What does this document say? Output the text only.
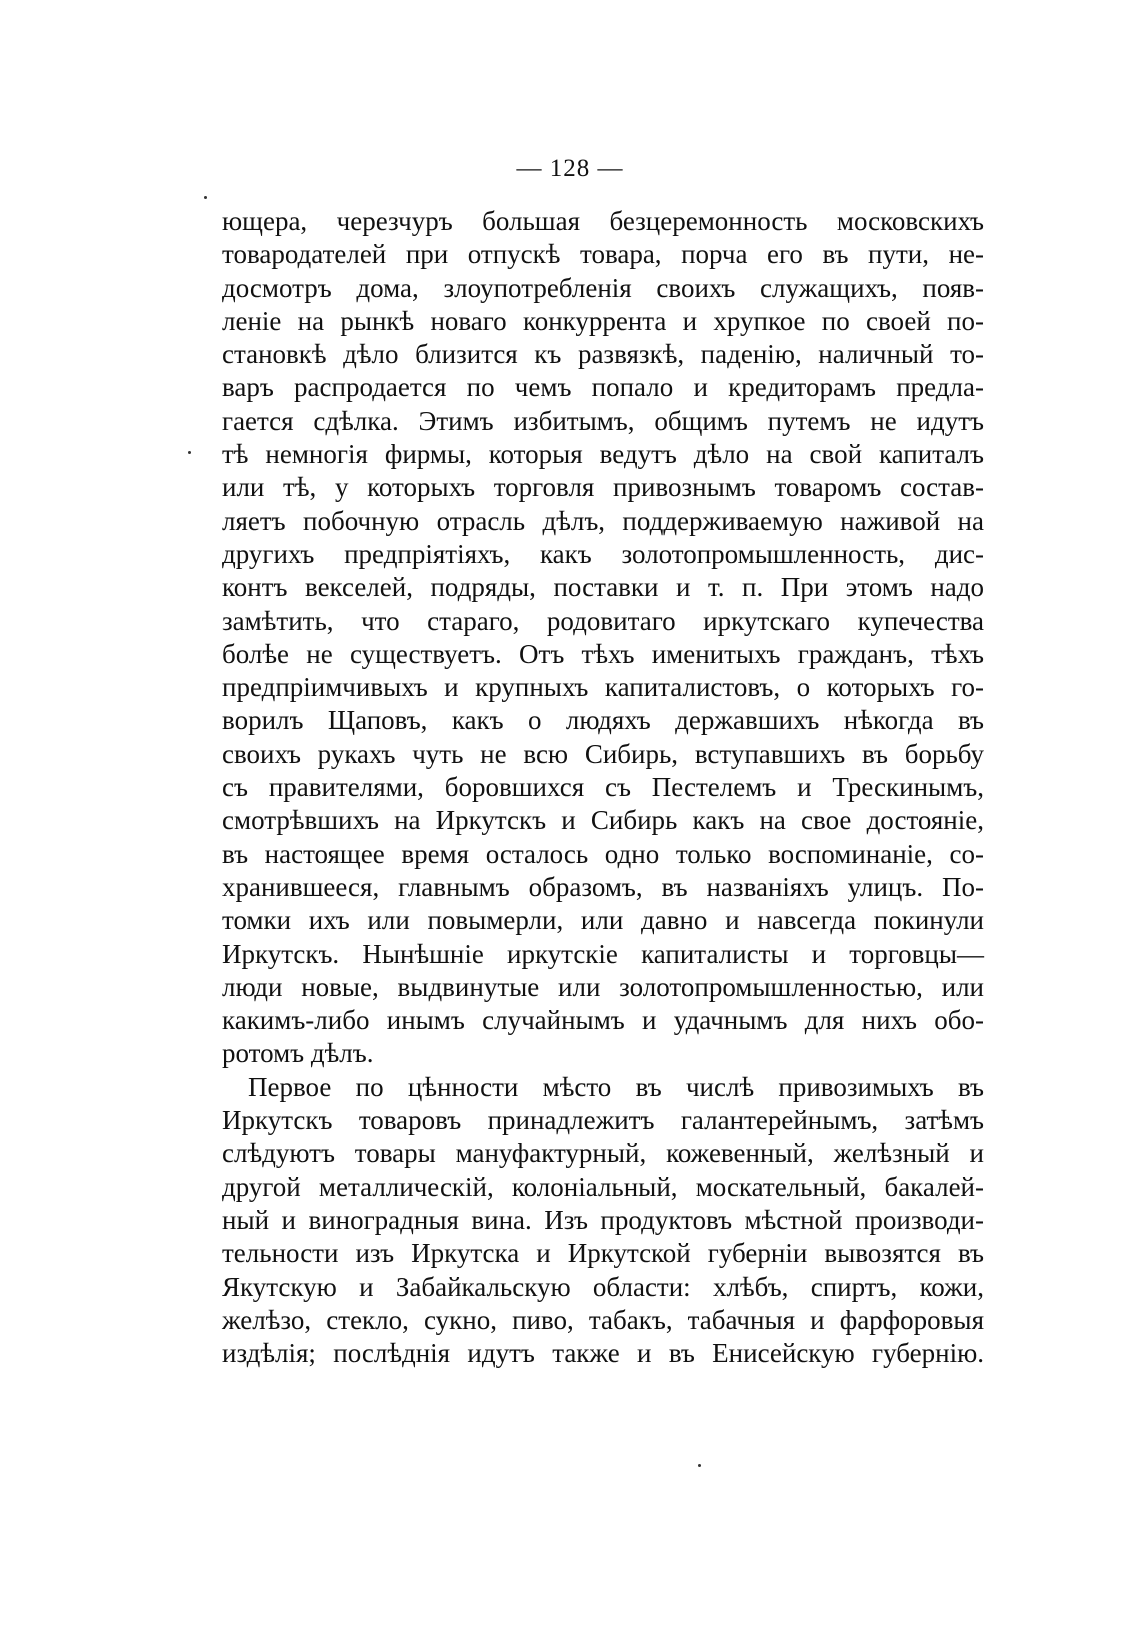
— 128 —

ющера, черезчуръ большая безцеремонность московскихъ
товародателей при отпускѣ товара, порча его въ пути, не-
досмотръ дома, злоупотребленія своихъ служащихъ, появ-
леніе на рынкѣ новаго конкуррента и хрупкое по своей по-
становкѣ дѣло близится къ развязкѣ, паденію, наличный то-
варъ распродается по чемъ попало и кредиторамъ предла-
гается сдѣлка. Этимъ избитымъ, общимъ путемъ не идутъ
тѣ немногія фирмы, которыя ведутъ дѣло на свой капиталъ
или тѣ, у которыхъ торговля привознымъ товаромъ состав-
ляетъ побочную отрасль дѣлъ, поддерживаемую наживой на
другихъ предпріятіяхъ, какъ золотопромышленность, дис-
контъ векселей, подряды, поставки и т. п. При этомъ надо
замѣтить, что стараго, родовитаго иркутскаго купечества
болѣе не существуетъ. Отъ тѣхъ именитыхъ гражданъ, тѣхъ
предпріимчивыхъ и крупныхъ капиталистовъ, о которыхъ го-
ворилъ Щаповъ, какъ о людяхъ державшихъ нѣкогда въ
своихъ рукахъ чуть не всю Сибирь, вступавшихъ въ борьбу
съ правителями, боровшихся съ Пестелемъ и Трескинымъ,
смотрѣвшихъ на Иркутскъ и Сибирь какъ на свое достояніе,
въ настоящее время осталось одно только воспоминаніе, со-
хранившееся, главнымъ образомъ, въ названіяхъ улицъ. По-
томки ихъ или повымерли, или давно и навсегда покинули
Иркутскъ. Нынѣшніе иркутскіе капиталисты и торговцы—
люди новые, выдвинутые или золотопромышленностью, или
какимъ-либо инымъ случайнымъ и удачнымъ для нихъ обо-
ротомъ дѣлъ.
Первое по цѣнности мѣсто въ числѣ привозимыхъ въ
Иркутскъ товаровъ принадлежитъ галантерейнымъ, затѣмъ
слѣдуютъ товары мануфактурный, кожевенный, желѣзный и
другой металлическій, колоніальный, москательный, бакалей-
ный и виноградныя вина. Изъ продуктовъ мѣстной производи-
тельности изъ Иркутска и Иркутской губерніи вывозятся въ
Якутскую и Забайкальскую области: хлѣбъ, спиртъ, кожи,
желѣзо, стекло, сукно, пиво, табакъ, табачныя и фарфоровыя
издѣлія; послѣднія идутъ также и въ Енисейскую губернію.
